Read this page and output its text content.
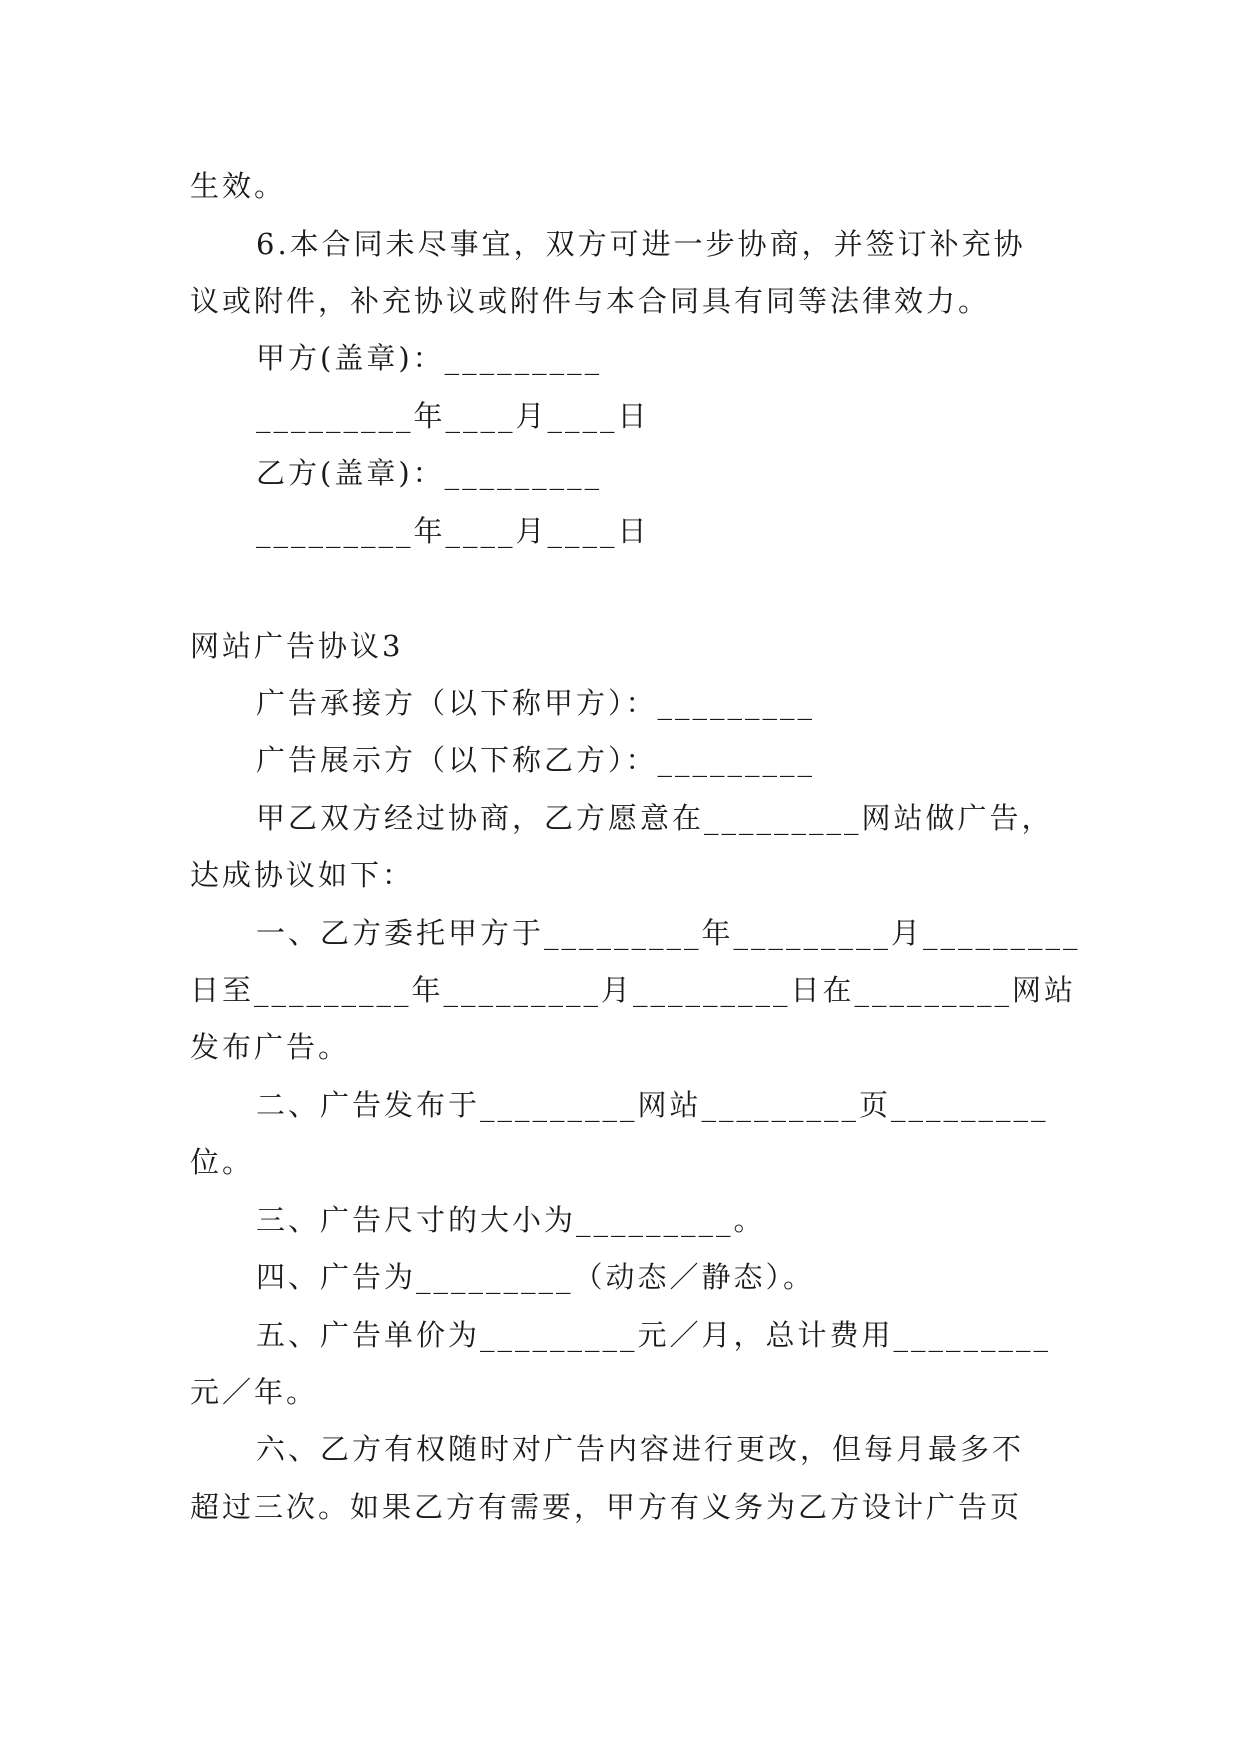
生效。
6.本合同未尽事宜，双方可进一步协商，并签订补充协
议或附件，补充协议或附件与本合同具有同等法律效力。
甲方(盖章)：_________
_________年____月____日
乙方(盖章)：_________
_________年____月____日
网站广告协议3
广告承接方（以下称甲方）：_________
广告展示方（以下称乙方）：_________
甲乙双方经过协商，乙方愿意在_________网站做广告，
达成协议如下：
一、乙方委托甲方于_________年_________月_________
日至_________年_________月_________日在_________网站
发布广告。
二、广告发布于_________网站_________页_________
位。
三、广告尺寸的大小为_________。
四、广告为_________（动态／静态）。
五、广告单价为_________元／月，总计费用_________
元／年。
六、乙方有权随时对广告内容进行更改，但每月最多不
超过三次。如果乙方有需要，甲方有义务为乙方设计广告页
